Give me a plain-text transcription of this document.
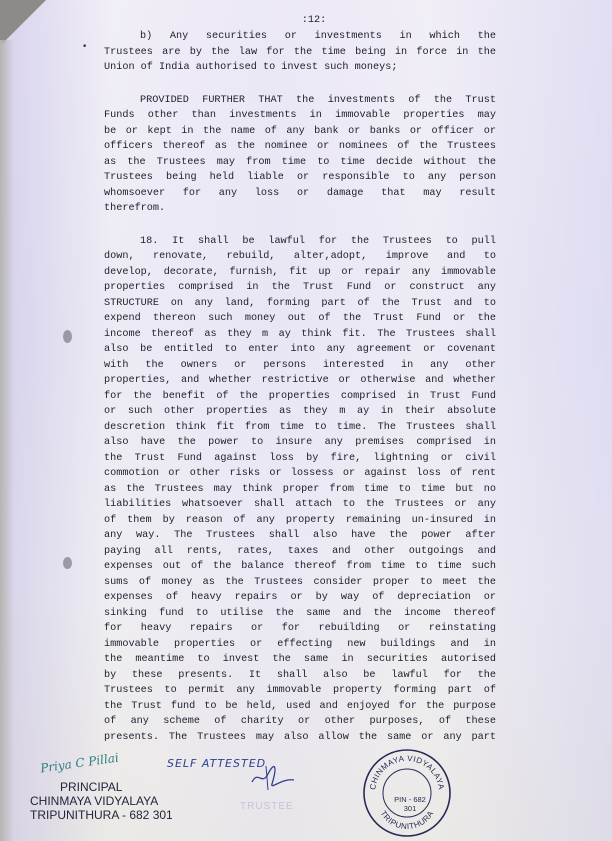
•
:12:
b) Any securities or investments in which the
Trustees are by the law for the time being in force in the
Union of India authorised to invest such moneys;
PROVIDED FURTHER THAT the investments of the Trust
Funds other than investments in immovable properties may
be or kept in the name of any bank or banks or officer or
officers thereof as the nominee or nominees of the Trustees
as the Trustees may from time to time decide without the
Trustees being held liable or responsible to any person
whomsoever for any loss or damage that may result
therefrom.
18. It shall be lawful for the Trustees to pull
down, renovate, rebuild, alter,adopt, improve and to
develop, decorate, furnish, fit up or repair any immovable
properties comprised in the Trust Fund or construct any
STRUCTURE on any land, forming part of the Trust and to
expend thereon such money out of the Trust Fund or the
income thereof as they m ay think fit. The Trustees shall
also be entitled to enter into any agreement or covenant
with the owners or persons interested in any other
properties, and whether restrictive or otherwise and whether
for the benefit of the properties comprised in Trust Fund
or such other properties as they m ay in their absolute
descretion think fit from time to time. The Trustees shall
also have the power to insure any premises comprised in
the Trust Fund against loss by fire, lightning or civil
commotion or other risks or lossess or against loss of rent
as the Trustees may think proper from time to time but no
liabilities whatsoever shall attach to the Trustees or any
of them by reason of any property remaining un-insured in
any way. The Trustees shall also have the power after
paying all rents, rates, taxes and other outgoings and
expenses out of the balance thereof from time to time such
sums of money as the Trustees consider proper to meet the
expenses of heavy repairs or by way of depreciation or
sinking fund to utilise the same and the income thereof
for heavy repairs or for rebuilding or reinstating
immovable properties or effecting new buildings and in
the meantime to invest the same in securities autorised
by these presents. It shall also be lawful for the
Trustees to permit any immovable property forming part of
the Trust fund to be held, used and enjoyed for the purpose
of any scheme of charity or other purposes, of these
presents. The Trustees may also allow the same or any part
Priya C Pillai
PRINCIPAL
CHINMAYA VIDYALAYA
TRIPUNITHURA - 682 301
SELF ATTESTED
TRUSTEE
CHINMAYA VIDYALAYA
TRIPUNITHURA
PIN - 682 301
